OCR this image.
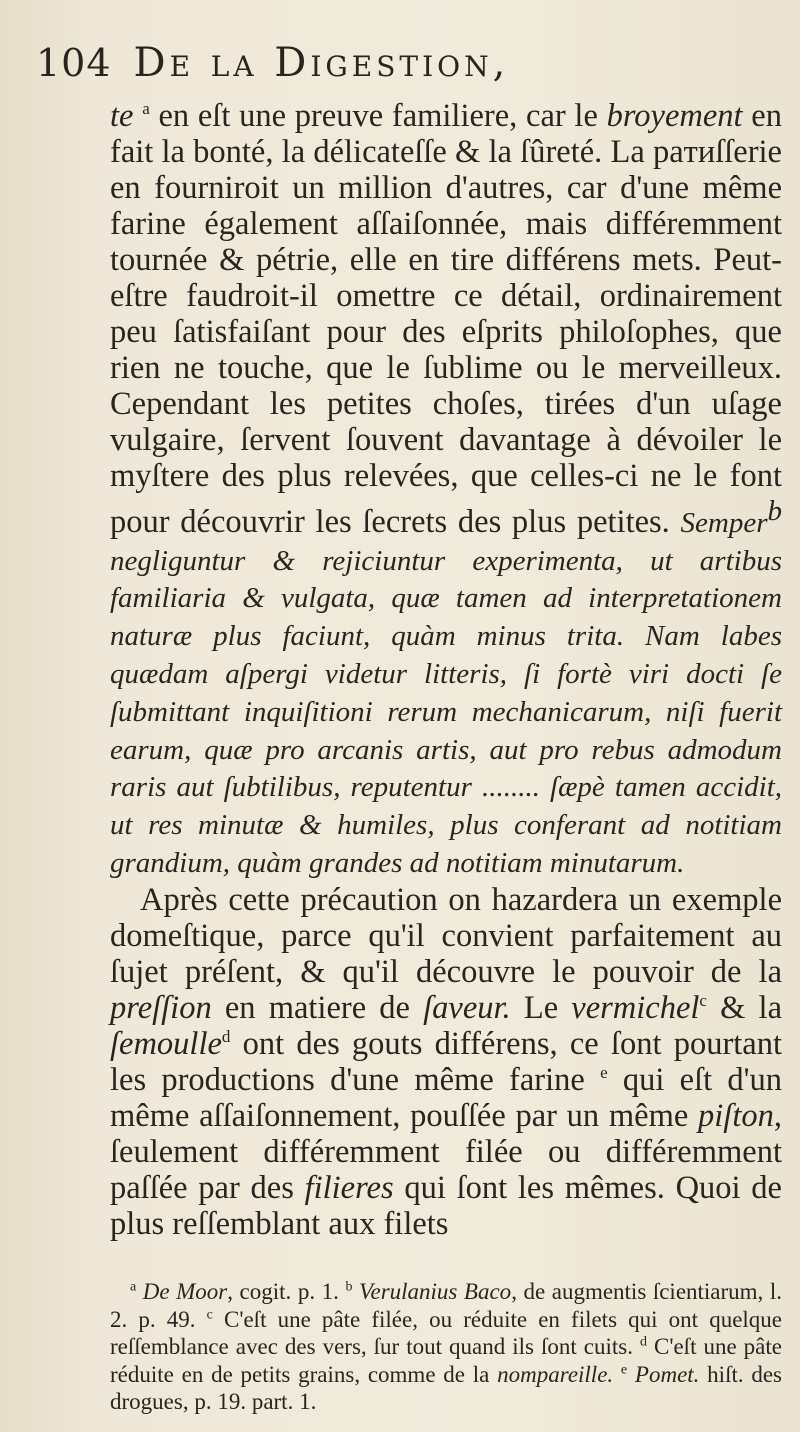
104 De la Digestion,

te $^a$ en eſt une preuve familiere, car le broyement en fait la bonté, la délicateſſe & la ſûreté. La paтиſſerie en fourniroit un million d'autres, car d'une même farine également aſſaiſonnée, mais différemment tournée & pétrie, elle en tire différens mets. Peut-eſtre faudroit-il omettre ce détail, ordinairement peu ſatisfaiſant pour des eſprits philoſophes, que rien ne touche, que le ſublime ou le merveilleux. Cependant les petites choſes, tirées d'un uſage vulgaire, ſervent ſouvent davantage à dévoiler le myſtere des plus relevées, que celles-ci ne le font pour découvrir les ſecrets des plus petites. Semper$^b$ negliguntur & rejiciuntur experimenta, ut artibus familiaria & vulgata, quæ tamen ad interpretationem naturæ plus faciunt, quàm minus trita. Nam labes quædam aſpergi videtur litteris, ſi fortè viri docti ſe ſubmittant inquiſitioni rerum mechanicarum, niſi fuerit earum, quæ pro arcanis artis, aut pro rebus admodum raris aut ſubtilibus, reputentur ........ ſæpè tamen accidit, ut res minutæ & humiles, plus conferant ad notitiam grandium, quàm grandes ad notitiam minutarum.

Après cette précaution on hazardera un exemple domeſtique, parce qu'il convient parfaitement au ſujet préſent, & qu'il découvre le pouvoir de la preſſion en matiere de ſaveur. Le vermichel$^c$ & la ſemoulle$^d$ ont des gouts différens, ce ſont pourtant les productions d'une même farine $^e$ qui eſt d'un même aſſaiſonnement, pouſſée par un même piſton, ſeulement différemment filée ou différemment paſſée par des filieres qui ſont les mêmes. Quoi de plus reſſemblant aux filets

$^a$ De Moor, cogit. p. 1. $^b$ Verulanius Baco, de augmentis ſcientiarum, l. 2. p. 49. $^c$ C'eſt une pâte filée, ou réduite en filets qui ont quelque reſſemblance avec des vers, ſur tout quand ils ſont cuits. $^d$ C'eſt une pâte réduite en de petits grains, comme de la nompareille. $^e$ Pomet. hiſt. des drogues, p. 19. part. 1.
